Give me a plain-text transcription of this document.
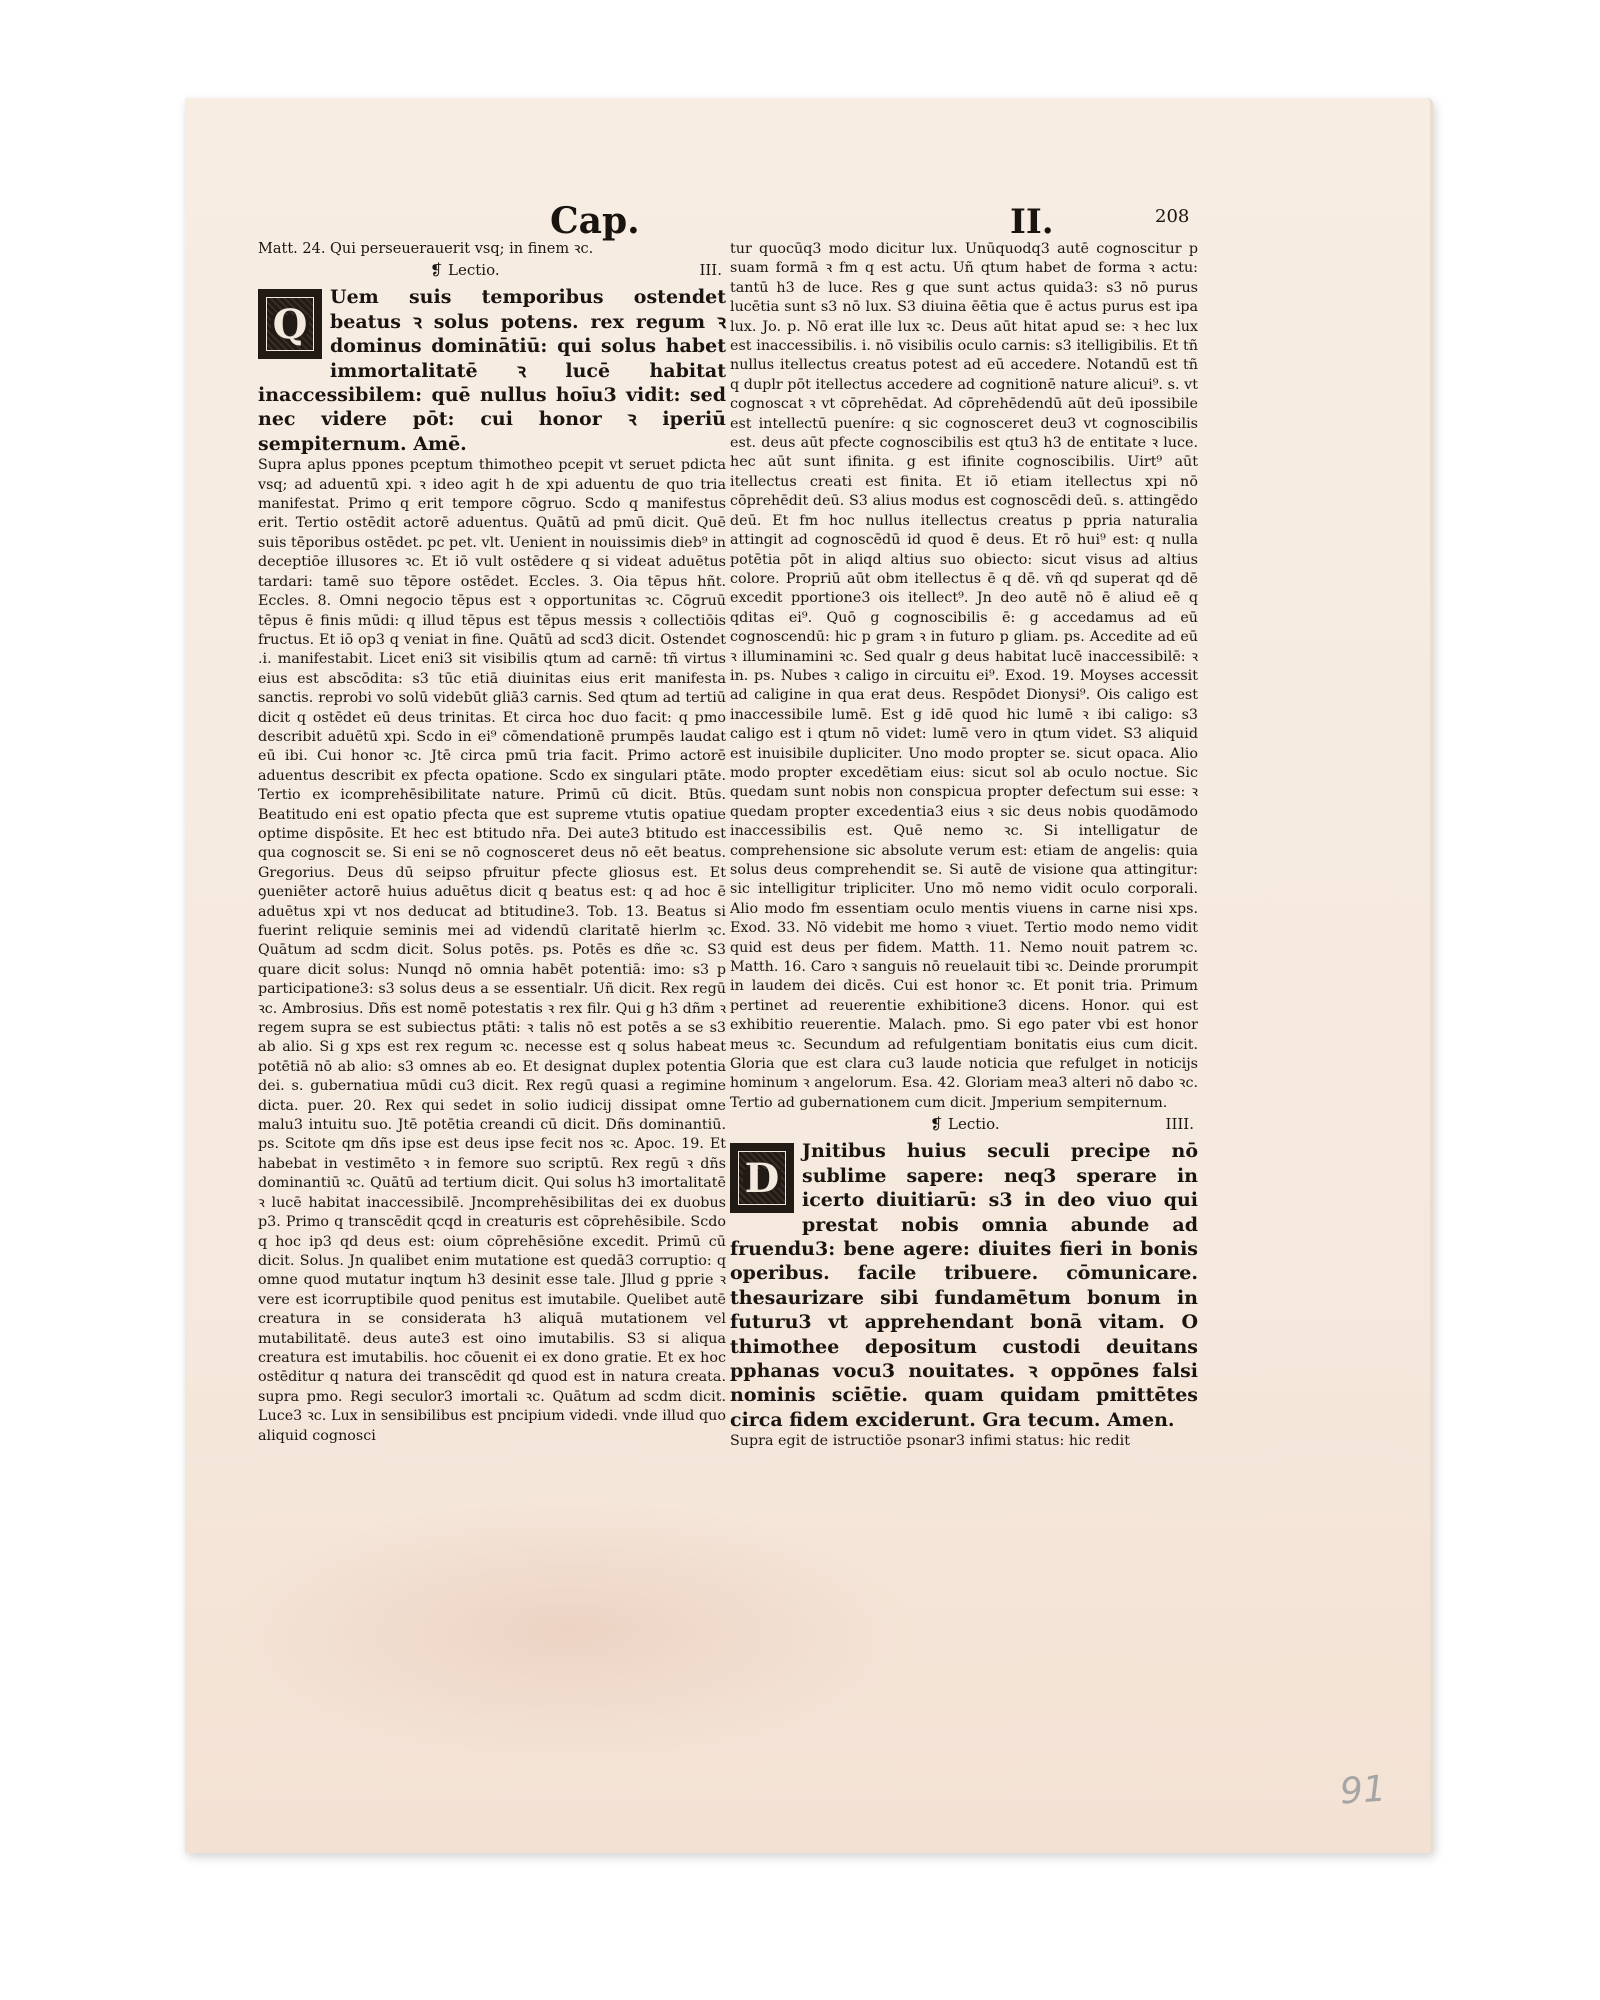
Cap.	II.	208

Matt. 24. Qui perseuerauerit vsq; in finem ꝛc.

❡ Lectio.	III.
Q

Uem suis temporibus ostendet beatus ꝛ solus potens. rex regum ꝛ dominus dominātiū: qui solus habet immortalitatē ꝛ lucē habitat inaccessibilem: quē nullus hoīu3 vidit: sed nec videre pōt: cui honor ꝛ iperiū sempiternum. Amē.

Supra aplus ppones pceptum thimotheo pcepit vt seruet pdicta vsq; ad aduentū xpi. ꝛ ideo agit h de xpi aduentu de quo tria manifestat. Primo q erit tempore cōgruo. Scdo q manifestus erit. Tertio ostēdit actorē aduentus. Quātū ad pmū dicit. Quē suis tēporibus ostēdet. pc pet. vlt. Uenient in nouissimis dieb⁹ in deceptiōe illusores ꝛc. Et iō vult ostēdere q si videat aduētus tardari: tamē suo tēpore ostēdet. Eccles. 3. Oia tēpus hñt. Eccles. 8. Omni negocio tēpus est ꝛ opportunitas ꝛc. Cōgruū tēpus ē finis mūdi: q illud tēpus est tēpus messis ꝛ collectiōis fructus. Et iō op3 q veniat in fine. Quātū ad scd3 dicit. Ostendet .i. manifestabit. Licet eni3 sit visibilis qtum ad carnē: tñ virtus eius est abscōdita: s3 tūc etiā diuinitas eius erit manifesta sanctis. reprobi vo solū videbūt gliā3 carnis. Sed qtum ad tertiū dicit q ostēdet eū deus trinitas. Et circa hoc duo facit: q pmo describit aduētū xpi. Scdo in ei⁹ cōmendationē prumpēs laudat eū ibi. Cui honor ꝛc. Jtē circa pmū tria facit. Primo actorē aduentus describit ex pfecta opatione. Scdo ex singulari ptāte. Tertio ex icomprehēsibilitate nature. Primū cū dicit. Btūs. Beatitudo eni est opatio pfecta que est supreme vtutis opatiue optime dispōsite. Et hec est btitudo nr̄a. Dei aute3 btitudo est qua cognoscit se. Si eni se nō cognosceret deus nō eēt beatus. Gregorius. Deus dū seipso pfruitur pfecte gliosus est. Et ꝯueniēter actorē huius aduētus dicit q beatus est: q ad hoc ē aduētus xpi vt nos deducat ad btitudine3. Tob. 13. Beatus si fuerint reliquie seminis mei ad videndū claritatē hierlm ꝛc. Quātum ad scdm dicit. Solus potēs. ps. Potēs es dñe ꝛc. S3 quare dicit solus: Nunqd nō omnia habēt potentiā: imo: s3 p participatione3: s3 solus deus a se essentialr. Uñ dicit. Rex regū ꝛc. Ambrosius. Dñs est nomē potestatis ꝛ rex filr. Qui g h3 dñm ꝛ regem supra se est subiectus ptāti: ꝛ talis nō est potēs a se s3 ab alio. Si g xps est rex regum ꝛc. necesse est q solus habeat potētiā nō ab alio: s3 omnes ab eo. Et designat duplex potentia dei. s. gubernatiua mūdi cu3 dicit. Rex regū quasi a regimine dicta. puer. 20. Rex qui sedet in solio iudicij dissipat omne malu3 intuitu suo. Jtē potētia creandi cū dicit. Dñs dominantiū. ps. Scitote qm dñs ipse est deus ipse fecit nos ꝛc. Apoc. 19. Et habebat in vestimēto ꝛ in femore suo scriptū. Rex regū ꝛ dñs dominantiū ꝛc. Quātū ad tertium dicit. Qui solus h3 imortalitatē ꝛ lucē habitat inaccessibilē. Jncomprehēsibilitas dei ex duobus p3. Primo q transcēdit qcqd in creaturis est cōprehēsibile. Scdo q hoc ip3 qd deus est: oium cōprehēsiōne excedit. Primū cū dicit. Solus. Jn qualibet enim mutatione est quedā3 corruptio: q omne quod mutatur inqtum h3 desinit esse tale. Jllud g pprie ꝛ vere est icorruptibile quod penitus est imutabile. Quelibet autē creatura in se considerata h3 aliquā mutationem vel mutabilitatē. deus aute3 est oino imutabilis. S3 si aliqua creatura est imutabilis. hoc cōuenit ei ex dono gratie. Et ex hoc ostēditur q natura dei transcēdit qd quod est in natura creata. supra pmo. Regi seculor3 imortali ꝛc. Quātum ad scdm dicit. Luce3 ꝛc. Lux in sensibilibus est pncipium videdi. vnde illud quo aliquid cognosci

tur quocūq3 modo dicitur lux. Unūquodq3 autē cognoscitur p suam formā ꝛ fm q est actu. Uñ qtum habet de forma ꝛ actu: tantū h3 de luce. Res g que sunt actus quida3: s3 nō purus lucētia sunt s3 nō lux. S3 diuina ēētia que ē actus purus est ipa lux. Jo. p. Nō erat ille lux ꝛc. Deus aūt hitat apud se: ꝛ hec lux est inaccessibilis. i. nō visibilis oculo carnis: s3 itelligibilis. Et tñ nullus itellectus creatus potest ad eū accedere. Notandū est tñ q duplr pōt itellectus accedere ad cognitionē nature alicui⁹. s. vt cognoscat ꝛ vt cōprehēdat. Ad cōprehēdendū aūt deū ipossibile est intellectū pueníre: q sic cognosceret deu3 vt cognoscibilis est. deus aūt pfecte cognoscibilis est qtu3 h3 de entitate ꝛ luce. hec aūt sunt ifinita. g est ifinite cognoscibilis. Uirt⁹ aūt itellectus creati est finita. Et iō etiam itellectus xpi nō cōprehēdit deū. S3 alius modus est cognoscēdi deū. s. attingēdo deū. Et fm hoc nullus itellectus creatus p ppria naturalia attingit ad cognoscēdū id quod ē deus. Et rō hui⁹ est: q nulla potētia pōt in aliqd altius suo obiecto: sicut visus ad altius colore. Propriū aūt obm itellectus ē q dē. vñ qd superat qd dē excedit pportione3 ois itellect⁹. Jn deo autē nō ē aliud eē q qditas ei⁹. Quō g cognoscibilis ē: g accedamus ad eū cognoscendū: hic p gram ꝛ in futuro p gliam. ps. Accedite ad eū ꝛ illuminamini ꝛc. Sed qualr g deus habitat lucē inaccessibilē: ꝛ in. ps. Nubes ꝛ caligo in circuitu ei⁹. Exod. 19. Moyses accessit ad caligine in qua erat deus. Respōdet Dionysi⁹. Ois caligo est inaccessibile lumē. Est g idē quod hic lumē ꝛ ibi caligo: s3 caligo est i qtum nō videt: lumē vero in qtum videt. S3 aliquid est inuisibile dupliciter. Uno modo propter se. sicut opaca. Alio modo propter excedētiam eius: sicut sol ab oculo noctue. Sic quedam sunt nobis non conspicua propter defectum sui esse: ꝛ quedam propter excedentia3 eius ꝛ sic deus nobis quodāmodo inaccessibilis est. Quē nemo ꝛc. Si intelligatur de comprehensione sic absolute verum est: etiam de angelis: quia solus deus comprehendit se. Si autē de visione qua attingitur: sic intelligitur tripliciter. Uno mō nemo vidit oculo corporali. Alio modo fm essentiam oculo mentis viuens in carne nisi xps. Exod. 33. Nō videbit me homo ꝛ viuet. Tertio modo nemo vidit quid est deus per fidem. Matth. 11. Nemo nouit patrem ꝛc. Matth. 16. Caro ꝛ sanguis nō reuelauit tibi ꝛc. Deinde prorumpit in laudem dei dicēs. Cui est honor ꝛc. Et ponit tria. Primum pertinet ad reuerentie exhibitione3 dicens. Honor. qui est exhibitio reuerentie. Malach. pmo. Si ego pater vbi est honor meus ꝛc. Secundum ad refulgentiam bonitatis eius cum dicit. Gloria que est clara cu3 laude noticia que refulget in noticijs hominum ꝛ angelorum. Esa. 42. Gloriam mea3 alteri nō dabo ꝛc. Tertio ad gubernationem cum dicit. Jmperium sempiternum.

❡ Lectio.	IIII.
D

Jnitibus huius seculi precipe nō sublime sapere: neq3 sperare in icerto diuitiarū: s3 in deo viuo qui prestat nobis omnia abunde ad fruendu3: bene agere: diuites fieri in bonis operibus. facile tribuere. cōmunicare. thesaurizare sibi fundamētum bonum in futuru3 vt apprehendant bonā vitam. O thimothee depositum custodi deuitans pphanas vocu3 nouitates. ꝛ oppōnes falsi nominis sciētie. quam quidam pmittētes circa fidem exciderunt. Gra tecum. Amen.

Supra egit de istructiōe psonar3 infimi status: hic redit

91
